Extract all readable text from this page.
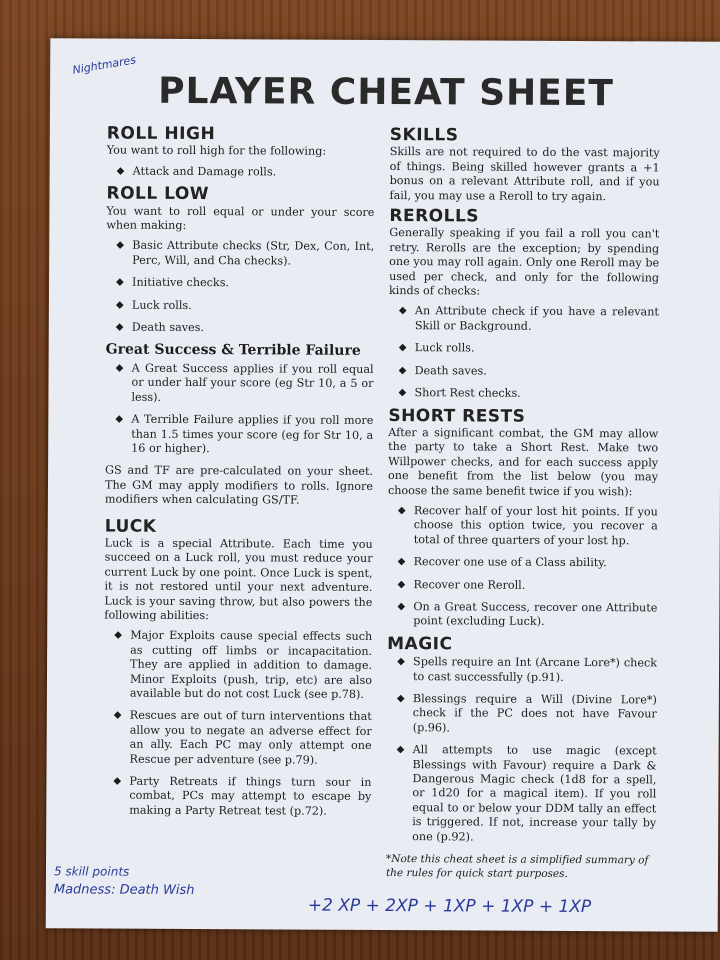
PLAYER CHEAT SHEET
Nightmares
ROLL HIGH

You want to roll high for the following:

◆ Attack and Damage rolls.
ROLL LOW

You want to roll equal or under your score when making:

◆ Basic Attribute checks (Str, Dex, Con, Int, Perc, Will, and Cha checks).
◆ Initiative checks.
◆ Luck rolls.
◆ Death saves.
Great Success & Terrible Failure
◆ A Great Success applies if you roll equal or under half your score (eg Str 10, a 5 or less).
◆ A Terrible Failure applies if you roll more than 1.5 times your score (eg for Str 10, a 16 or higher).

GS and TF are pre-calculated on your sheet. The GM may apply modifiers to rolls. Ignore modifiers when calculating GS/TF.

LUCK

Luck is a special Attribute. Each time you succeed on a Luck roll, you must reduce your current Luck by one point. Once Luck is spent, it is not restored until your next adventure. Luck is your saving throw, but also powers the following abilities:

◆ Major Exploits cause special effects such as cutting off limbs or incapacitation. They are applied in addition to damage. Minor Exploits (push, trip, etc) are also available but do not cost Luck (see p.78).
◆ Rescues are out of turn interventions that allow you to negate an adverse effect for an ally. Each PC may only attempt one Rescue per adventure (see p.79).
◆ Party Retreats if things turn sour in combat, PCs may attempt to escape by making a Party Retreat test (p.72).
SKILLS

Skills are not required to do the vast majority of things. Being skilled however grants a +1 bonus on a relevant Attribute roll, and if you fail, you may use a Reroll to try again.

REROLLS

Generally speaking if you fail a roll you can't retry. Rerolls are the exception; by spending one you may roll again. Only one Reroll may be used per check, and only for the following kinds of checks:

◆ An Attribute check if you have a relevant Skill or Background.
◆ Luck rolls.
◆ Death saves.
◆ Short Rest checks.
SHORT RESTS

After a significant combat, the GM may allow the party to take a Short Rest. Make two Willpower checks, and for each success apply one benefit from the list below (you may choose the same benefit twice if you wish):

◆ Recover half of your lost hit points. If you choose this option twice, you recover a total of three quarters of your lost hp.
◆ Recover one use of a Class ability.
◆ Recover one Reroll.
◆ On a Great Success, recover one Attribute point (excluding Luck).
MAGIC
◆ Spells require an Int (Arcane Lore*) check to cast successfully (p.91).
◆ Blessings require a Will (Divine Lore*) check if the PC does not have Favour (p.96).
◆ All attempts to use magic (except Blessings with Favour) require a Dark & Dangerous Magic check (1d8 for a spell, or 1d20 for a magical item). If you roll equal to or below your DDM tally an effect is triggered. If not, increase your tally by one (p.92).
*Note this cheat sheet is a simplified summary of the rules for quick start purposes.
5 skill points
Madness: Death Wish
+2 XP + 2XP + 1XP + 1XP + 1XP
